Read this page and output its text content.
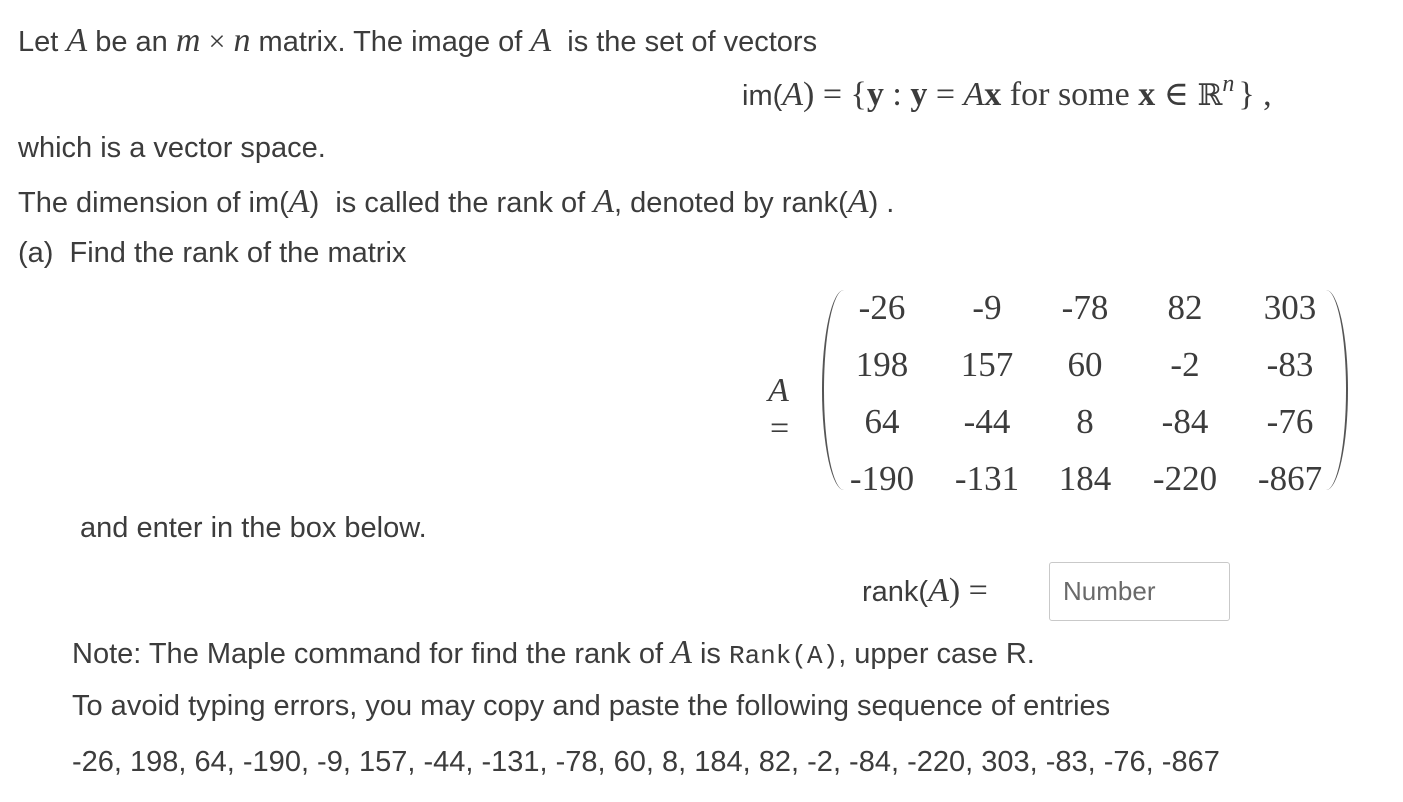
Let A be an m × n matrix. The image of A is the set of vectors
im(A) = {y : y = Ax for some x ∈ ℝ$^n$ } ,
which is a vector space.
The dimension of im(A)  is called the rank of A, denoted by rank(A) .
(a) Find the rank of the matrix
A =
-26	-9	-78	82	303
198	157	60	-2	-83
64	-44	8	-84	-76
-190	-131	184	-220	-867
and enter in the box below.
rank(A) =
Number
Note: The Maple command for find the rank of A is Rank(A), upper case R.
To avoid typing errors, you may copy and paste the following sequence of entries
-26, 198, 64, -190, -9, 157, -44, -131, -78, 60, 8, 184, 82, -2, -84, -220, 303, -83, -76, -867
